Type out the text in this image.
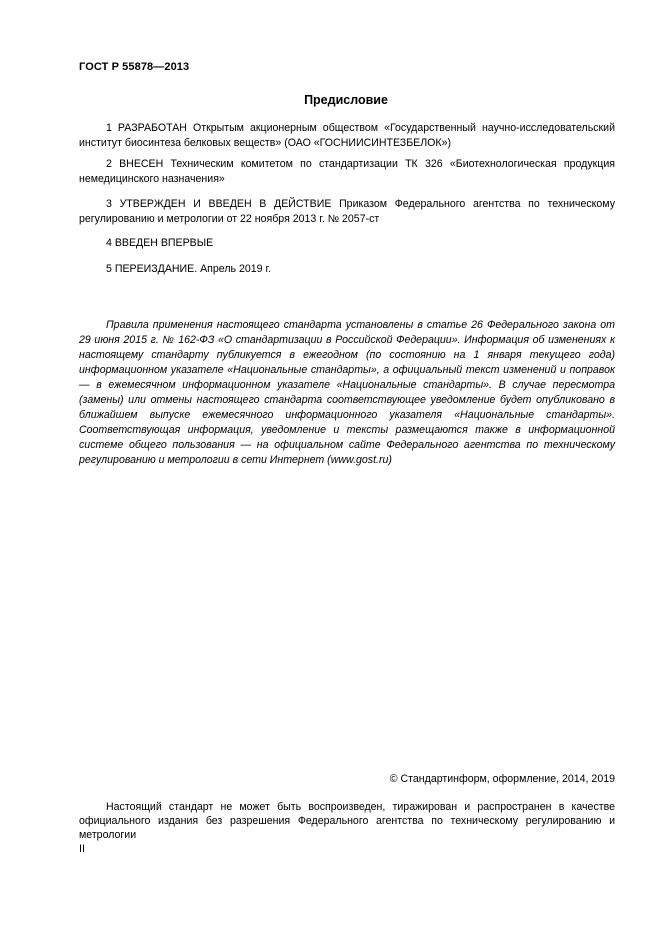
ГОСТ Р 55878—2013
Предисловие

1 РАЗРАБОТАН Открытым акционерным обществом «Государственный научно-исследовательский институт биосинтеза белковых веществ» (ОАО «ГОСНИИСИНТЕЗБЕЛОК»)

2 ВНЕСЕН Техническим комитетом по стандартизации ТК 326 «Биотехнологическая продукция немедицинского назначения»

3 УТВЕРЖДЕН И ВВЕДЕН В ДЕЙСТВИЕ Приказом Федерального агентства по техническому регулированию и метрологии от 22 ноября 2013 г. № 2057-ст

4 ВВЕДЕН ВПЕРВЫЕ

5 ПЕРЕИЗДАНИЕ. Апрель 2019 г.

Правила применения настоящего стандарта установлены в статье 26 Федерального закона от 29 июня 2015 г. № 162-ФЗ «О стандартизации в Российской Федерации». Информация об изменениях к настоящему стандарту публикуется в ежегодном (по состоянию на 1 января текущего года) информационном указателе «Национальные стандарты», а официальный текст изменений и поправок — в ежемесячном информационном указателе «Национальные стандарты». В случае пересмотра (замены) или отмены настоящего стандарта соответствующее уведомление будет опубликовано в ближайшем выпуске ежемесячного информационного указателя «Национальные стандарты». Соответствующая информация, уведомление и тексты размещаются также в информационной системе общего пользования — на официальном сайте Федерального агентства по техническому регулированию и метрологии в сети Интернет (www.gost.ru)

© Стандартинформ, оформление, 2014, 2019

Настоящий стандарт не может быть воспроизведен, тиражирован и распространен в качестве официального издания без разрешения Федерального агентства по техническому регулированию и метрологии

II
